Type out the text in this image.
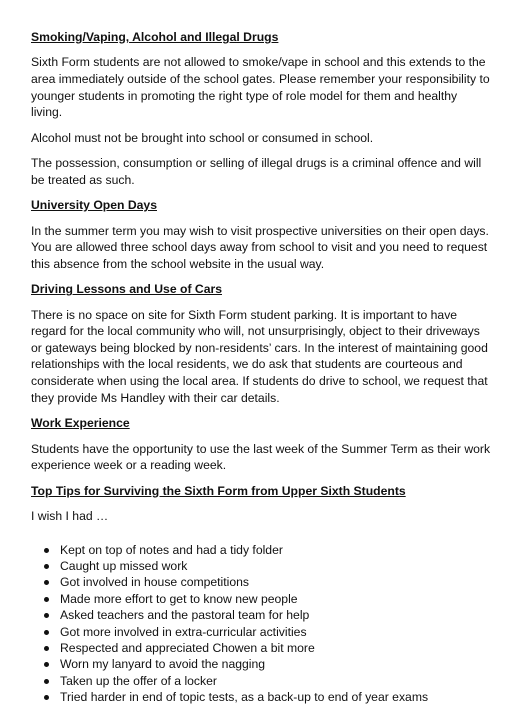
Smoking/Vaping, Alcohol and Illegal Drugs

Sixth Form students are not allowed to smoke/vape in school and this extends to the area immediately outside of the school gates. Please remember your responsibility to younger students in promoting the right type of role model for them and healthy living.

Alcohol must not be brought into school or consumed in school.

The possession, consumption or selling of illegal drugs is a criminal offence and will be treated as such.

University Open Days

In the summer term you may wish to visit prospective universities on their open days. You are allowed three school days away from school to visit and you need to request this absence from the school website in the usual way.

Driving Lessons and Use of Cars

There is no space on site for Sixth Form student parking. It is important to have regard for the local community who will, not unsurprisingly, object to their driveways or gateways being blocked by non-residents’ cars. In the interest of maintaining good relationships with the local residents, we do ask that students are courteous and considerate when using the local area. If students do drive to school, we request that they provide Ms Handley with their car details.

Work Experience

Students have the opportunity to use the last week of the Summer Term as their work experience week or a reading week.

Top Tips for Surviving the Sixth Form from Upper Sixth Students

I wish I had …

Kept on top of notes and had a tidy folder
Caught up missed work
Got involved in house competitions
Made more effort to get to know new people
Asked teachers and the pastoral team for help
Got more involved in extra-curricular activities
Respected and appreciated Chowen a bit more
Worn my lanyard to avoid the nagging
Taken up the offer of a locker
Tried harder in end of topic tests, as a back-up to end of year exams
